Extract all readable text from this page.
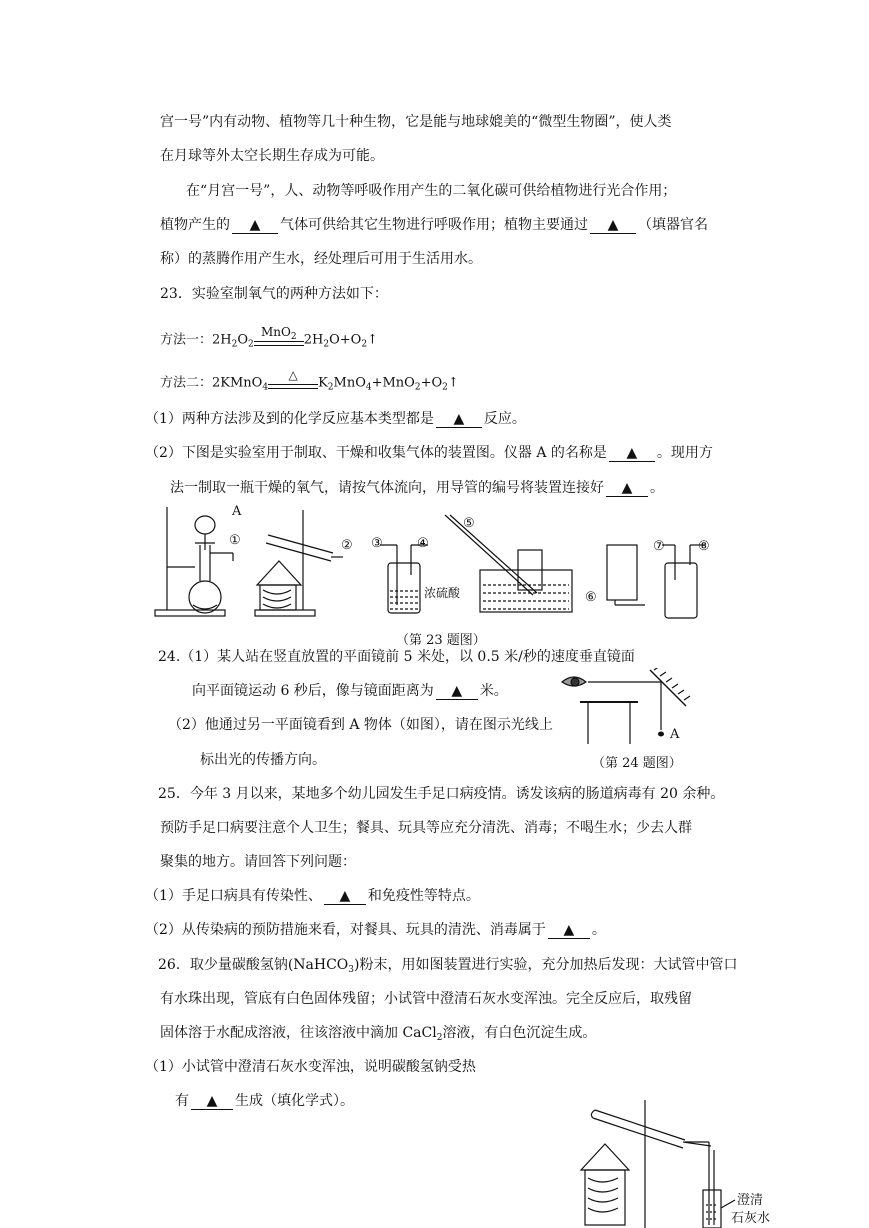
宫一号”内有动物、植物等几十种生物，它是能与地球媲美的“微型生物圈”，使人类
在月球等外太空长期生存成为可能。
在“月宫一号”，人、动物等呼吸作用产生的二氧化碳可供给植物进行光合作用；
植物产生的 ▲ 气体可供给其它生物进行呼吸作用；植物主要通过 ▲ （填器官名
称）的蒸腾作用产生水，经处理后可用于生活用水。
23．实验室制氧气的两种方法如下：
方法一：$2H_2O_2$
MnO$_2$ $2H_2O+O_2↑$
方法二：2KMnO$_4$
△
$K_2MnO_4+MnO_2+O_2↑$
（1）两种方法涉及到的化学反应基本类型都是 ▲ 反应。
（2）下图是实验室用于制取、干燥和收集气体的装置图。仪器 A 的名称是 ▲ 。现用方
法一制取一瓶干燥的氧气，请按气体流向，用导管的编号将装置连接好 ▲ 。
A
①	② ③	④
⑤
⑥
⑦	⑧
浓硫酸
（第 23 题图）
24.（1）某人站在竖直放置的平面镜前 5 米处，以 0.5 米/秒的速度垂直镜面
向平面镜运动 6 秒后，像与镜面距离为 ▲ 米。
（2）他通过另一平面镜看到 A 物体（如图），请在图示光线上
标出光的传播方向。
A
（第 24 题图）
25．今年 3 月以来，某地多个幼儿园发生手足口病疫情。诱发该病的肠道病毒有 20 余种。
预防手足口病要注意个人卫生；餐具、玩具等应充分清洗、消毒；不喝生水；少去人群
聚集的地方。请回答下列问题：
（1）手足口病具有传染性、 ▲ 和免疫性等特点。
（2）从传染病的预防措施来看，对餐具、玩具的清洗、消毒属于 ▲ 。
26．取少量碳酸氢钠(NaHCO$_3$)粉末，用如图装置进行实验，充分加热后发现：大试管中管口
有水珠出现，管底有白色固体残留；小试管中澄清石灰水变浑浊。完全反应后，取残留
固体溶于水配成溶液，往该溶液中滴加 CaCl$_2$溶液，有白色沉淀生成。
（1）小试管中澄清石灰水变浑浊，说明碳酸氢钠受热
有 ▲ 生成（填化学式）。
澄清
石灰水
